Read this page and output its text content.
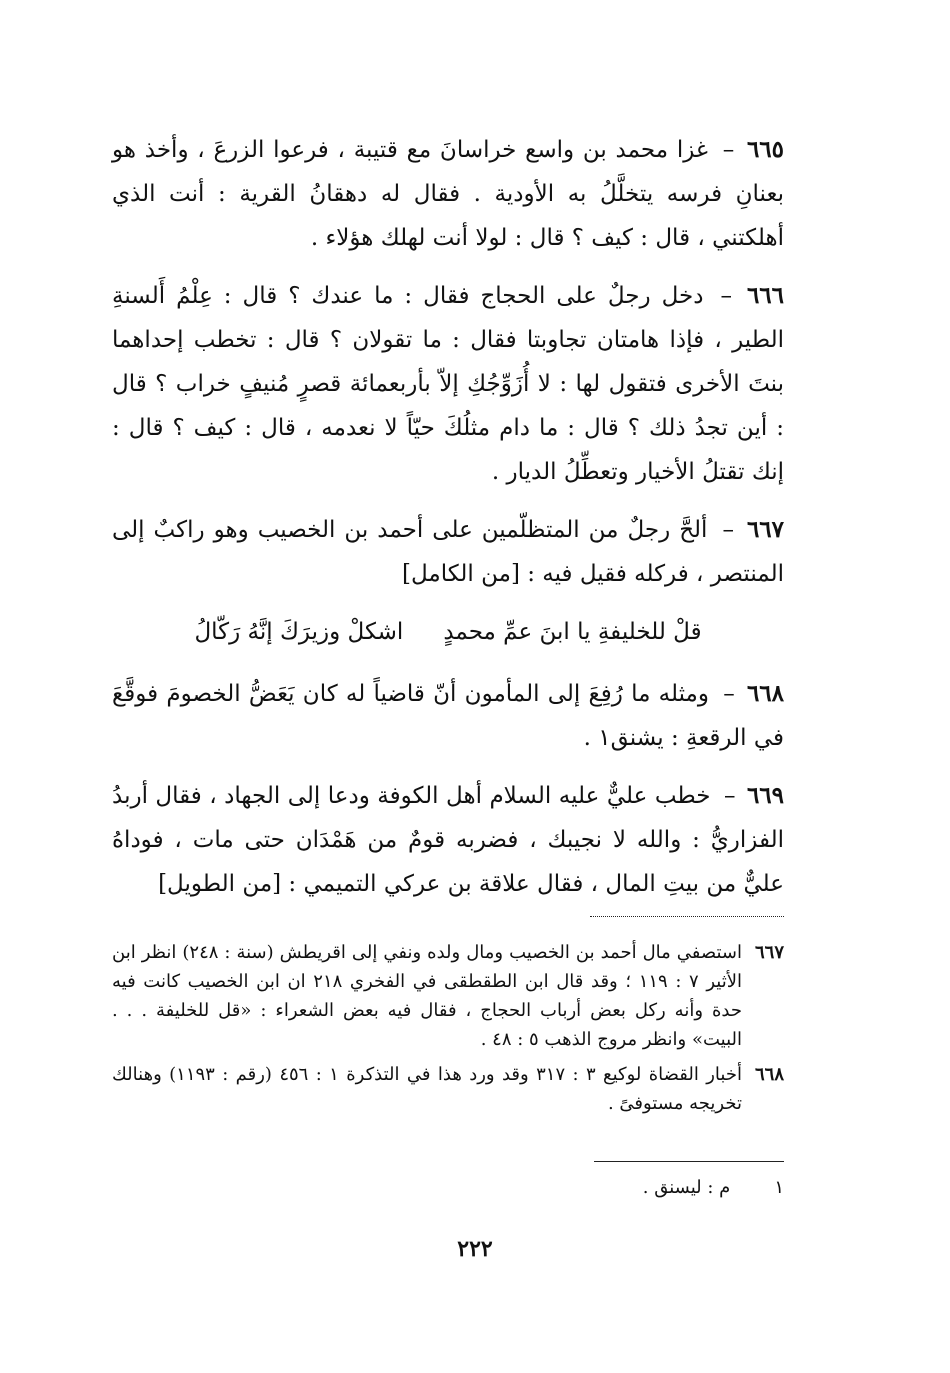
٦٦٥ – غزا محمد بن واسع خراسانَ مع قتيبة ، فرعوا الزرعَ ، وأخذ هو بعنانِ فرسه يتخلَّلُ به الأودية . فقال له دهقانُ القرية : أنت الذي أهلكتني ، قال : كيف ؟ قال : لولا أنت لهلك هؤلاء .

٦٦٦ – دخل رجلٌ على الحجاج فقال : ما عندك ؟ قال : عِلْمُ أَلسنةِ الطير ، فإذا هامتان تجاوبتا فقال : ما تقولان ؟ قال : تخطب إحداهما بنتَ الأخرى فتقول لها : لا أُزَوِّجُكِ إلاّ بأربعمائة قصرٍ مُنيفٍ خراب ؟ قال : أين تجدُ ذلك ؟ قال : ما دام مثلُكَ حيّاً لا نعدمه ، قال : كيف ؟ قال : إنك تقتلُ الأخيار وتعطِّلُ الديار .

٦٦٧ – ألحَّ رجلٌ من المتظلّمين على أحمد بن الخصيب وهو راكبٌ إلى المنتصر ، فركله فقيل فيه : [من الكامل]

قلْ للخليفةِ يا ابنَ عمِّ محمدٍ
اشكلْ وزيرَكَ إنَّهُ رَكّالُ

٦٦٨ – ومثله ما رُفِعَ إلى المأمون أنّ قاضياً له كان يَعَضُّ الخصومَ فوقَّعَ في الرقعةِ : يشنق١ .

٦٦٩ – خطب عليٌّ عليه السلام أهل الكوفة ودعا إلى الجهاد ، فقال أربدُ الفزاريُّ : والله لا نجيبك ، فضربه قومٌ من هَمْدَان حتى مات ، فوداهُ عليٌّ من بيتِ المال ، فقال علاقة بن عركي التميمي : [من الطويل]

٦٦٧
استصفي مال أحمد بن الخصيب ومال ولده ونفي إلى اقريطش (سنة : ٢٤٨) انظر ابن الأثير ٧ : ١١٩ ؛ وقد قال ابن الطقطقى في الفخري ٢١٨ ان ابن الخصيب كانت فيه حدة وأنه ركل بعض أرباب الحجاج ، فقال فيه بعض الشعراء : «قل للخليفة . . . البيت» وانظر مروج الذهب ٥ : ٤٨ .
٦٦٨
أخبار القضاة لوكيع ٣ : ٣١٧ وقد ورد هذا في التذكرة ١ : ٤٥٦ (رقم : ١١٩٣) وهنالك تخريجه مستوفىً .
١ م : ليسنق .
٢٢٢
